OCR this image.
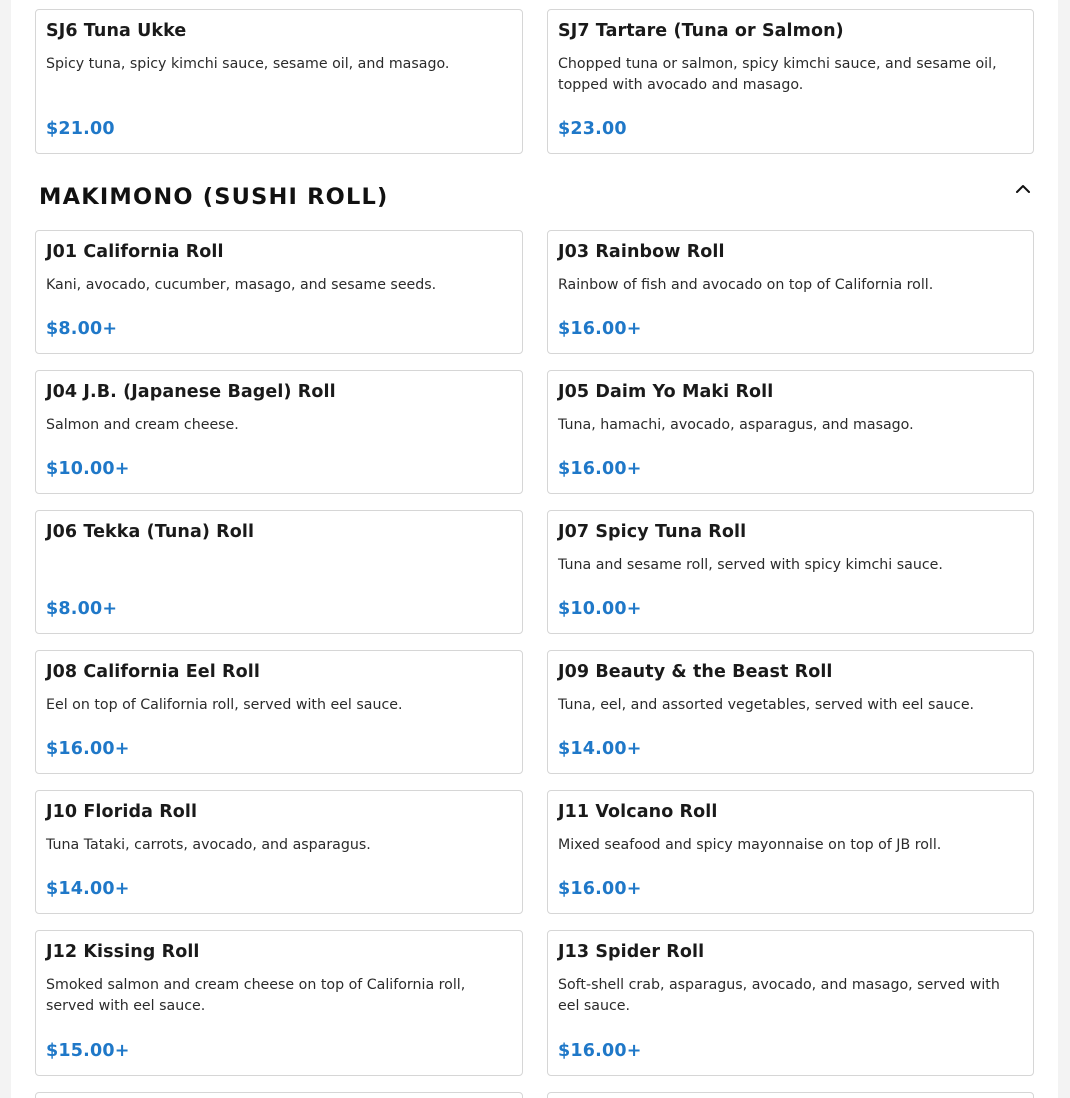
SJ6 Tuna Ukke
Spicy tuna, spicy kimchi sauce, sesame oil, and masago.
$21.00
SJ7 Tartare (Tuna or Salmon)
Chopped tuna or salmon, spicy kimchi sauce, and sesame oil, topped with avocado and masago.
$23.00
MAKIMONO (SUSHI ROLL)
J01 California Roll
Kani, avocado, cucumber, masago, and sesame seeds.
$8.00+
J03 Rainbow Roll
Rainbow of fish and avocado on top of California roll.
$16.00+
J04 J.B. (Japanese Bagel) Roll
Salmon and cream cheese.
$10.00+
J05 Daim Yo Maki Roll
Tuna, hamachi, avocado, asparagus, and masago.
$16.00+
J06 Tekka (Tuna) Roll
$8.00+
J07 Spicy Tuna Roll
Tuna and sesame roll, served with spicy kimchi sauce.
$10.00+
J08 California Eel Roll
Eel on top of California roll, served with eel sauce.
$16.00+
J09 Beauty & the Beast Roll
Tuna, eel, and assorted vegetables, served with eel sauce.
$14.00+
J10 Florida Roll
Tuna Tataki, carrots, avocado, and asparagus.
$14.00+
J11 Volcano Roll
Mixed seafood and spicy mayonnaise on top of JB roll.
$16.00+
J12 Kissing Roll
Smoked salmon and cream cheese on top of California roll, served with eel sauce.
$15.00+
J13 Spider Roll
Soft-shell crab, asparagus, avocado, and masago, served with eel sauce.
$16.00+
